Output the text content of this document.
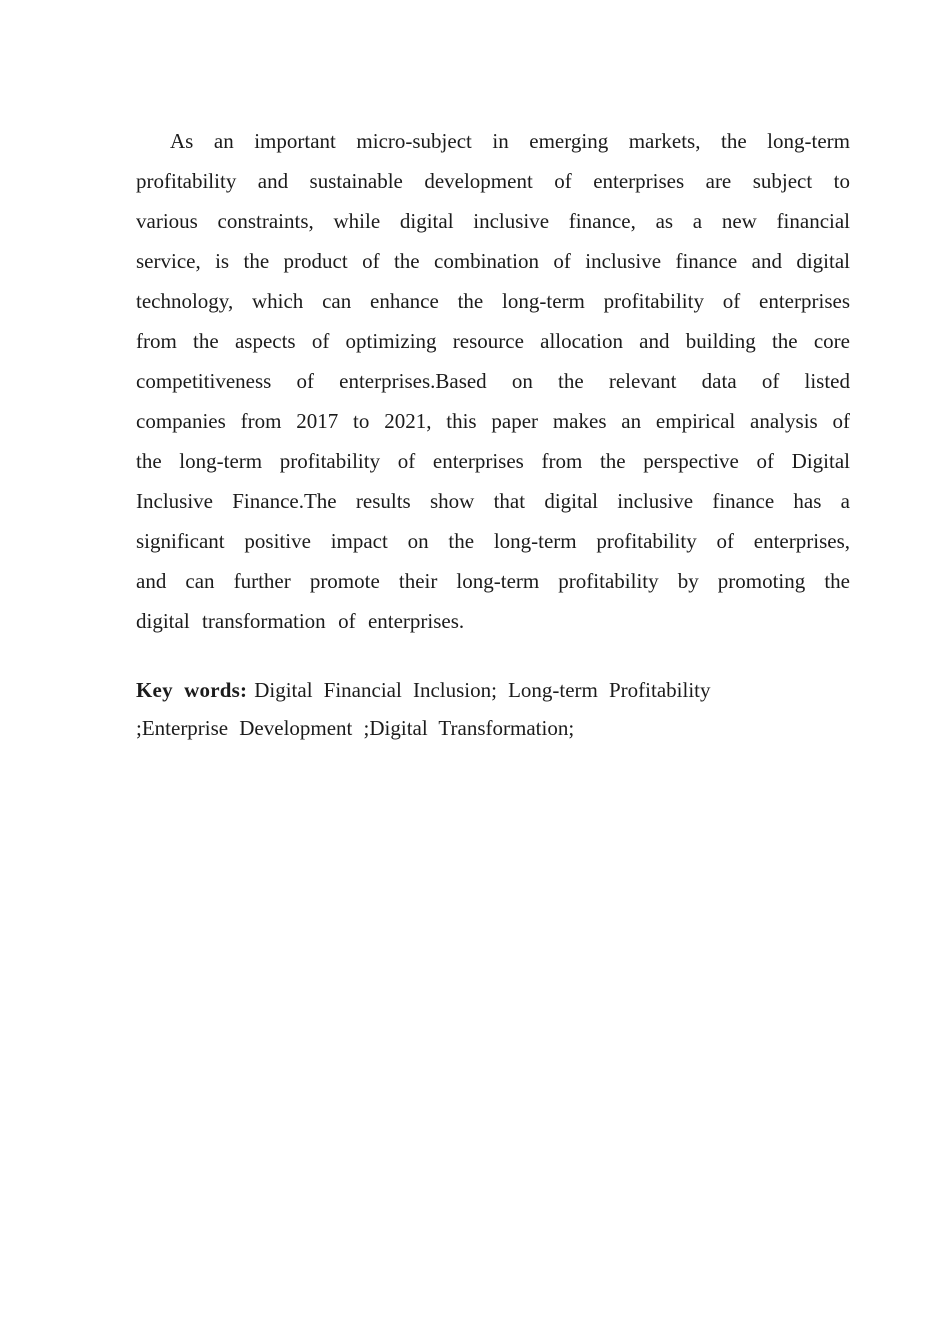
As an important micro-subject in emerging markets, the long-term
profitability and sustainable development of enterprises are subject to
various constraints, while digital inclusive finance, as a new financial
service, is the product of the combination of inclusive finance and digital
technology, which can enhance the long-term profitability of enterprises
from the aspects of optimizing resource allocation and building the core
competitiveness of enterprises.Based on the relevant data of listed
companies from 2017 to 2021, this paper makes an empirical analysis of
the long-term profitability of enterprises from the perspective of Digital
Inclusive Finance.The results show that digital inclusive finance has a
significant positive impact on the long-term profitability of enterprises,
and can further promote their long-term profitability by promoting the
digital transformation of enterprises.
Key words: Digital Financial Inclusion; Long-term Profitability
;Enterprise Development ;Digital Transformation;
